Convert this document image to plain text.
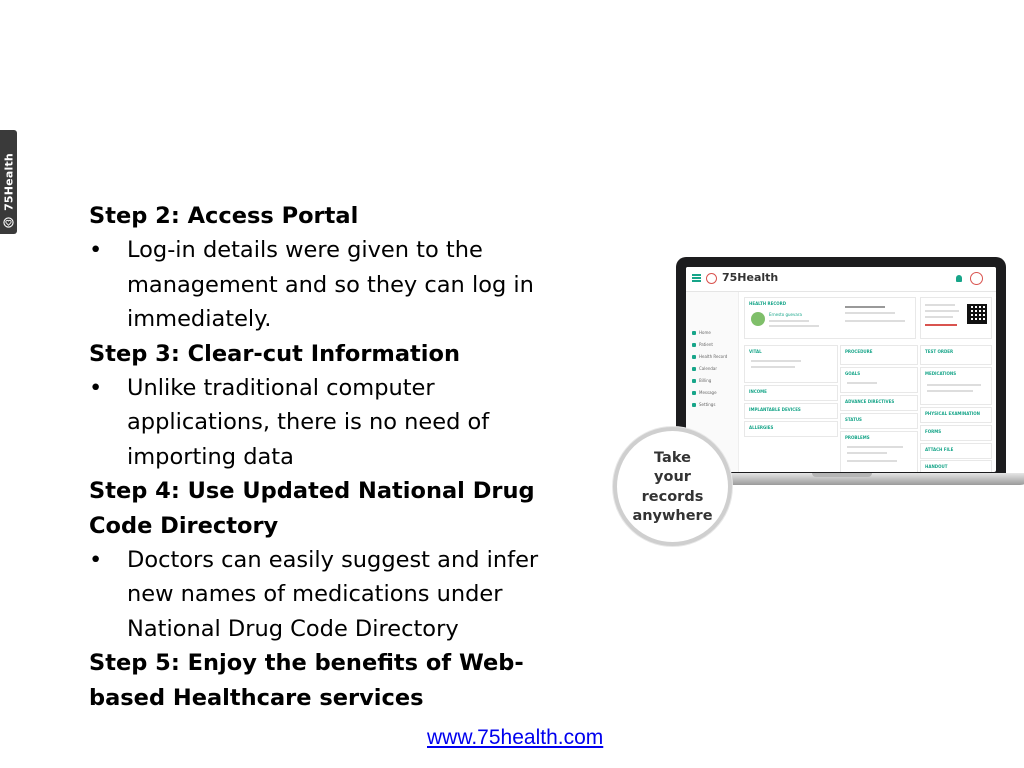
75Health

Step 2: Access Portal

• Log-in details were given to the management and so they can log in immediately.

Step 3: Clear-cut Information

• Unlike traditional computer applications, there is no need of importing data

Step 4: Use Updated National Drug Code Directory

• Doctors can easily suggest and infer new names of medications under National Drug Code Directory

Step 5: Enjoy the benefits of Web-based Healthcare services

75Health
Home
Patient
Health Record
Calendar
Billing
Message
Settings
HEALTH RECORD
Ernesto guevara
VITAL	PROCEDURE	TEST ORDER
GOALS	MEDICATIONS
INCOME
IMPLANTABLE DEVICES
ADVANCE DIRECTIVES
PHYSICAL EXAMINATION
STATUS
ALLERGIES
FORMS
PROBLEMS
ATTACH FILE
HANDOUT
Take
your
records
anywhere
www.75health.com
